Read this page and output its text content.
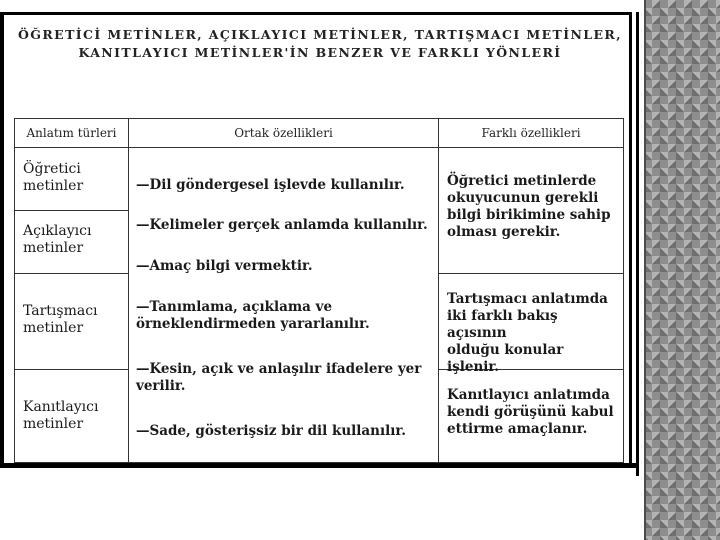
ÖĞRETİCİ METİNLER, AÇIKLAYICI METİNLER, TARTIŞMACI METİNLER,
KANITLAYICI METİNLER'İN BENZER VE FARKLI YÖNLERİ
Anlatım türleri	Ortak özellikleri	Farklı özellikleri
Öğretici
metinler
Açıklayıcı
metinler
Tartışmacı
metinler
Kanıtlayıcı
metinler
—Dil göndergesel işlevde kullanılır.
—Kelimeler gerçek anlamda kullanılır.
—Amaç bilgi vermektir.
—Tanımlama, açıklama ve
örneklendirmeden yararlanılır.
—Kesin, açık ve anlaşılır ifadelere yer
verilir.
—Sade, gösterişsiz bir dil kullanılır.
Öğretici metinlerde
okuyucunun gerekli
bilgi birikimine sahip
olması gerekir.
Tartışmacı anlatımda
iki farklı bakış açısının
olduğu konular işlenir.
Kanıtlayıcı anlatımda
kendi görüşünü kabul
ettirme amaçlanır.
